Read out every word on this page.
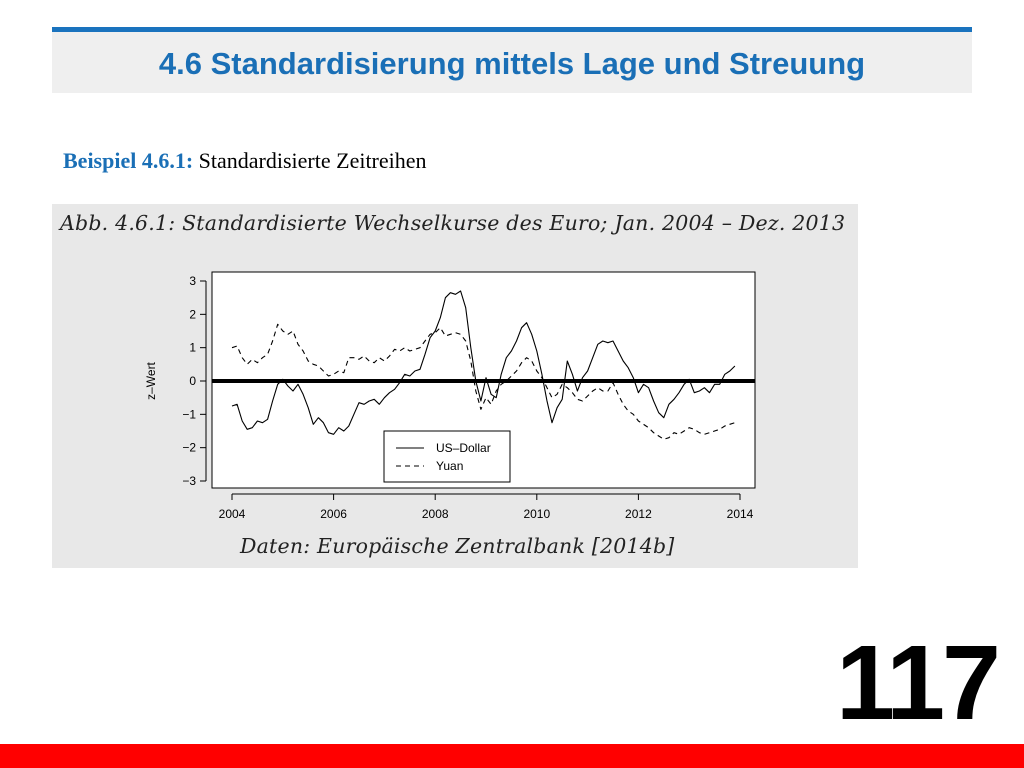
4.6 Standardisierung mittels Lage und Streuung
Beispiel 4.6.1: Standardisierte Zeitreihen
Abb. 4.6.1: Standardisierte Wechselkurse des Euro; Jan. 2004 – Dez. 2013
z–Wert
2004	2006	2008	2010	2012	2014
3
2
1
0
−1
−2
−3
US–Dollar
Yuan
Daten: Europäische Zentralbank [2014b]
117
